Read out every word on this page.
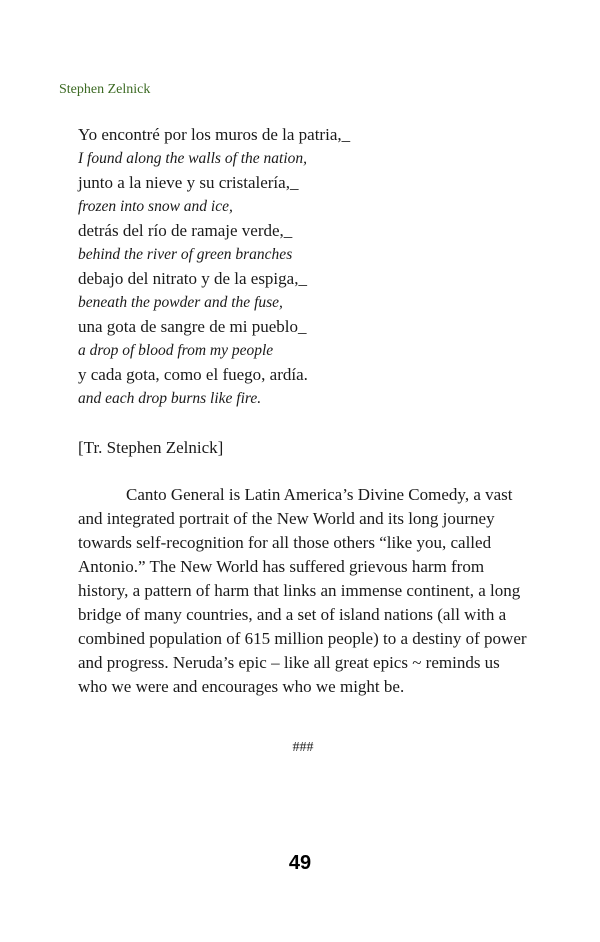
Stephen Zelnick
Yo encontré por los muros de la patria,_
I found along the walls of the nation,
junto a la nieve y su cristalería,_
frozen into snow and ice,
detrás del río de ramaje verde,_
behind the river of green branches
debajo del nitrato y de la espiga,_
beneath the powder and the fuse,
una gota de sangre de mi pueblo_
a drop of blood from my people
y cada gota, como el fuego, ardía.
and each drop burns like fire.
[Tr. Stephen Zelnick]

Canto General is Latin America’s Divine Comedy, a vast and integrated portrait of the New World and its long journey towards self-recognition for all those others “like you, called Antonio.” The New World has suffered grievous harm from history, a pattern of harm that links an immense continent, a long bridge of many countries, and a set of island nations (all with a combined population of 615 million people) to a destiny of power and progress. Neruda’s epic – like all great epics ~ reminds us who we were and encourages who we might be.

###
49
